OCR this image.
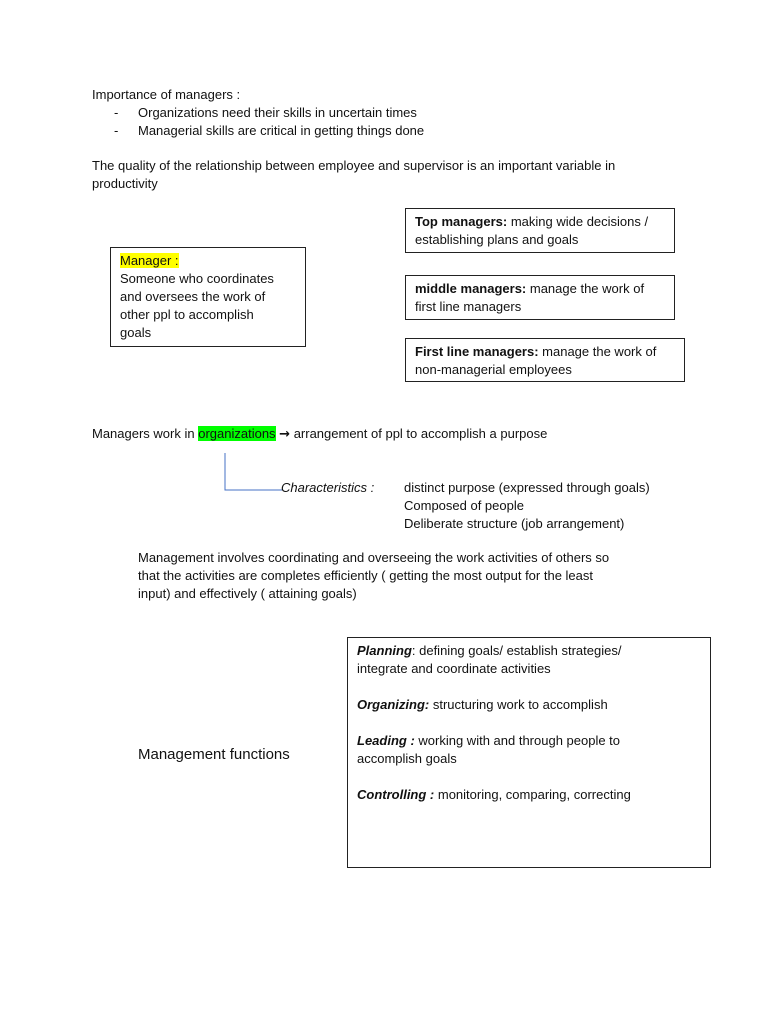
Importance of managers :
- Organizations need their skills in uncertain times
- Managerial skills are critical in getting things done
The quality of the relationship between employee and supervisor is an important variable in
productivity
Top managers: making wide decisions /
establishing plans and goals
Manager :
Someone who coordinates
and oversees the work of
other ppl to accomplish
goals
middle managers: manage the work of
first line managers
First line managers: manage the work of
non-managerial employees
Managers work in organizations → arrangement of ppl to accomplish a purpose
Characteristics : distinct purpose (expressed through goals)
Composed of people
Deliberate structure (job arrangement)
Management involves coordinating and overseeing the work activities of others so
that the activities are completes efficiently ( getting the most output for the least
input) and effectively ( attaining goals)
Management functions
Planning: defining goals/ establish strategies/
integrate and coordinate activities
Organizing: structuring work to accomplish
Leading : working with and through people to
accomplish goals
Controlling : monitoring, comparing, correcting
